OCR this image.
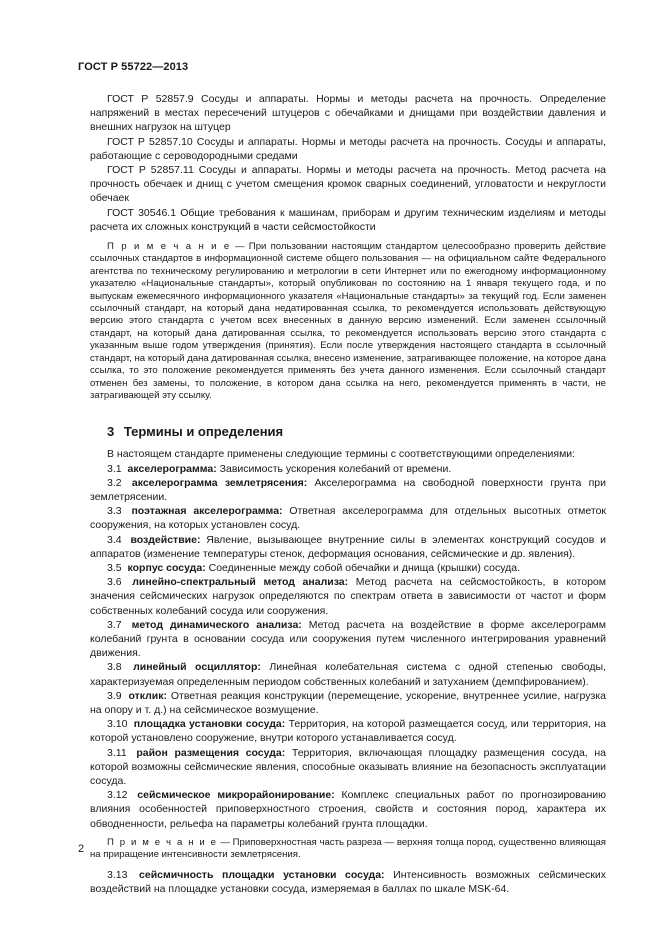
ГОСТ Р 55722—2013

ГОСТ Р 52857.9 Сосуды и аппараты. Нормы и методы расчета на прочность. Определение напряжений в местах пересечений штуцеров с обечайками и днищами при воздействии давления и внешних нагрузок на штуцер

ГОСТ Р 52857.10 Сосуды и аппараты. Нормы и методы расчета на прочность. Сосуды и аппараты, работающие с сероводородными средами

ГОСТ Р 52857.11 Сосуды и аппараты. Нормы и методы расчета на прочность. Метод расчета на прочность обечаек и днищ с учетом смещения кромок сварных соединений, угловатости и некруглости обечаек

ГОСТ 30546.1 Общие требования к машинам, приборам и другим техническим изделиям и методы расчета их сложных конструкций в части сейсмостойкости

П р и м е ч а н и е — При пользовании настоящим стандартом целесообразно проверить действие ссылочных стандартов в информационной системе общего пользования — на официальном сайте Федерального агентства по техническому регулированию и метрологии в сети Интернет или по ежегодному информационному указателю «Национальные стандарты», который опубликован по состоянию на 1 января текущего года, и по выпускам ежемесячного информационного указателя «Национальные стандарты» за текущий год. Если заменен ссылочный стандарт, на который дана недатированная ссылка, то рекомендуется использовать действующую версию этого стандарта с учетом всех внесенных в данную версию изменений. Если заменен ссылочный стандарт, на который дана датированная ссылка, то рекомендуется использовать версию этого стандарта с указанным выше годом утверждения (принятия). Если после утверждения настоящего стандарта в ссылочный стандарт, на который дана датированная ссылка, внесено изменение, затрагивающее положение, на которое дана ссылка, то это положение рекомендуется применять без учета данного изменения. Если ссылочный стандарт отменен без замены, то положение, в котором дана ссылка на него, рекомендуется применять в части, не затрагивающей эту ссылку.

3 Термины и определения

В настоящем стандарте применены следующие термины с соответствующими определениями:

3.1 акселерограмма: Зависимость ускорения колебаний от времени.

3.2 акселерограмма землетрясения: Акселерограмма на свободной поверхности грунта при землетрясении.

3.3 поэтажная акселерограмма: Ответная акселерограмма для отдельных высотных отметок сооружения, на которых установлен сосуд.

3.4 воздействие: Явление, вызывающее внутренние силы в элементах конструкций сосудов и аппаратов (изменение температуры стенок, деформация основания, сейсмические и др. явления).

3.5 корпус сосуда: Соединенные между собой обечайки и днища (крышки) сосуда.

3.6 линейно-спектральный метод анализа: Метод расчета на сейсмостойкость, в котором значения сейсмических нагрузок определяются по спектрам ответа в зависимости от частот и форм собственных колебаний сосуда или сооружения.

3.7 метод динамического анализа: Метод расчета на воздействие в форме акселерограмм колебаний грунта в основании сосуда или сооружения путем численного интегрирования уравнений движения.

3.8 линейный осциллятор: Линейная колебательная система с одной степенью свободы, характеризуемая определенным периодом собственных колебаний и затуханием (демпфированием).

3.9 отклик: Ответная реакция конструкции (перемещение, ускорение, внутреннее усилие, нагрузка на опору и т. д.) на сейсмическое возмущение.

3.10 площадка установки сосуда: Территория, на которой размещается сосуд, или территория, на которой установлено сооружение, внутри которого устанавливается сосуд.

3.11 район размещения сосуда: Территория, включающая площадку размещения сосуда, на которой возможны сейсмические явления, способные оказывать влияние на безопасность эксплуатации сосуда.

3.12 сейсмическое микрорайонирование: Комплекс специальных работ по прогнозированию влияния особенностей приповерхностного строения, свойств и состояния пород, характера их обводненности, рельефа на параметры колебаний грунта площадки.

П р и м е ч а н и е — Приповерхностная часть разреза — верхняя толща пород, существенно влияющая на приращение интенсивности землетрясения.

3.13 сейсмичность площадки установки сосуда: Интенсивность возможных сейсмических воздействий на площадке установки сосуда, измеряемая в баллах по шкале MSK-64.

2
